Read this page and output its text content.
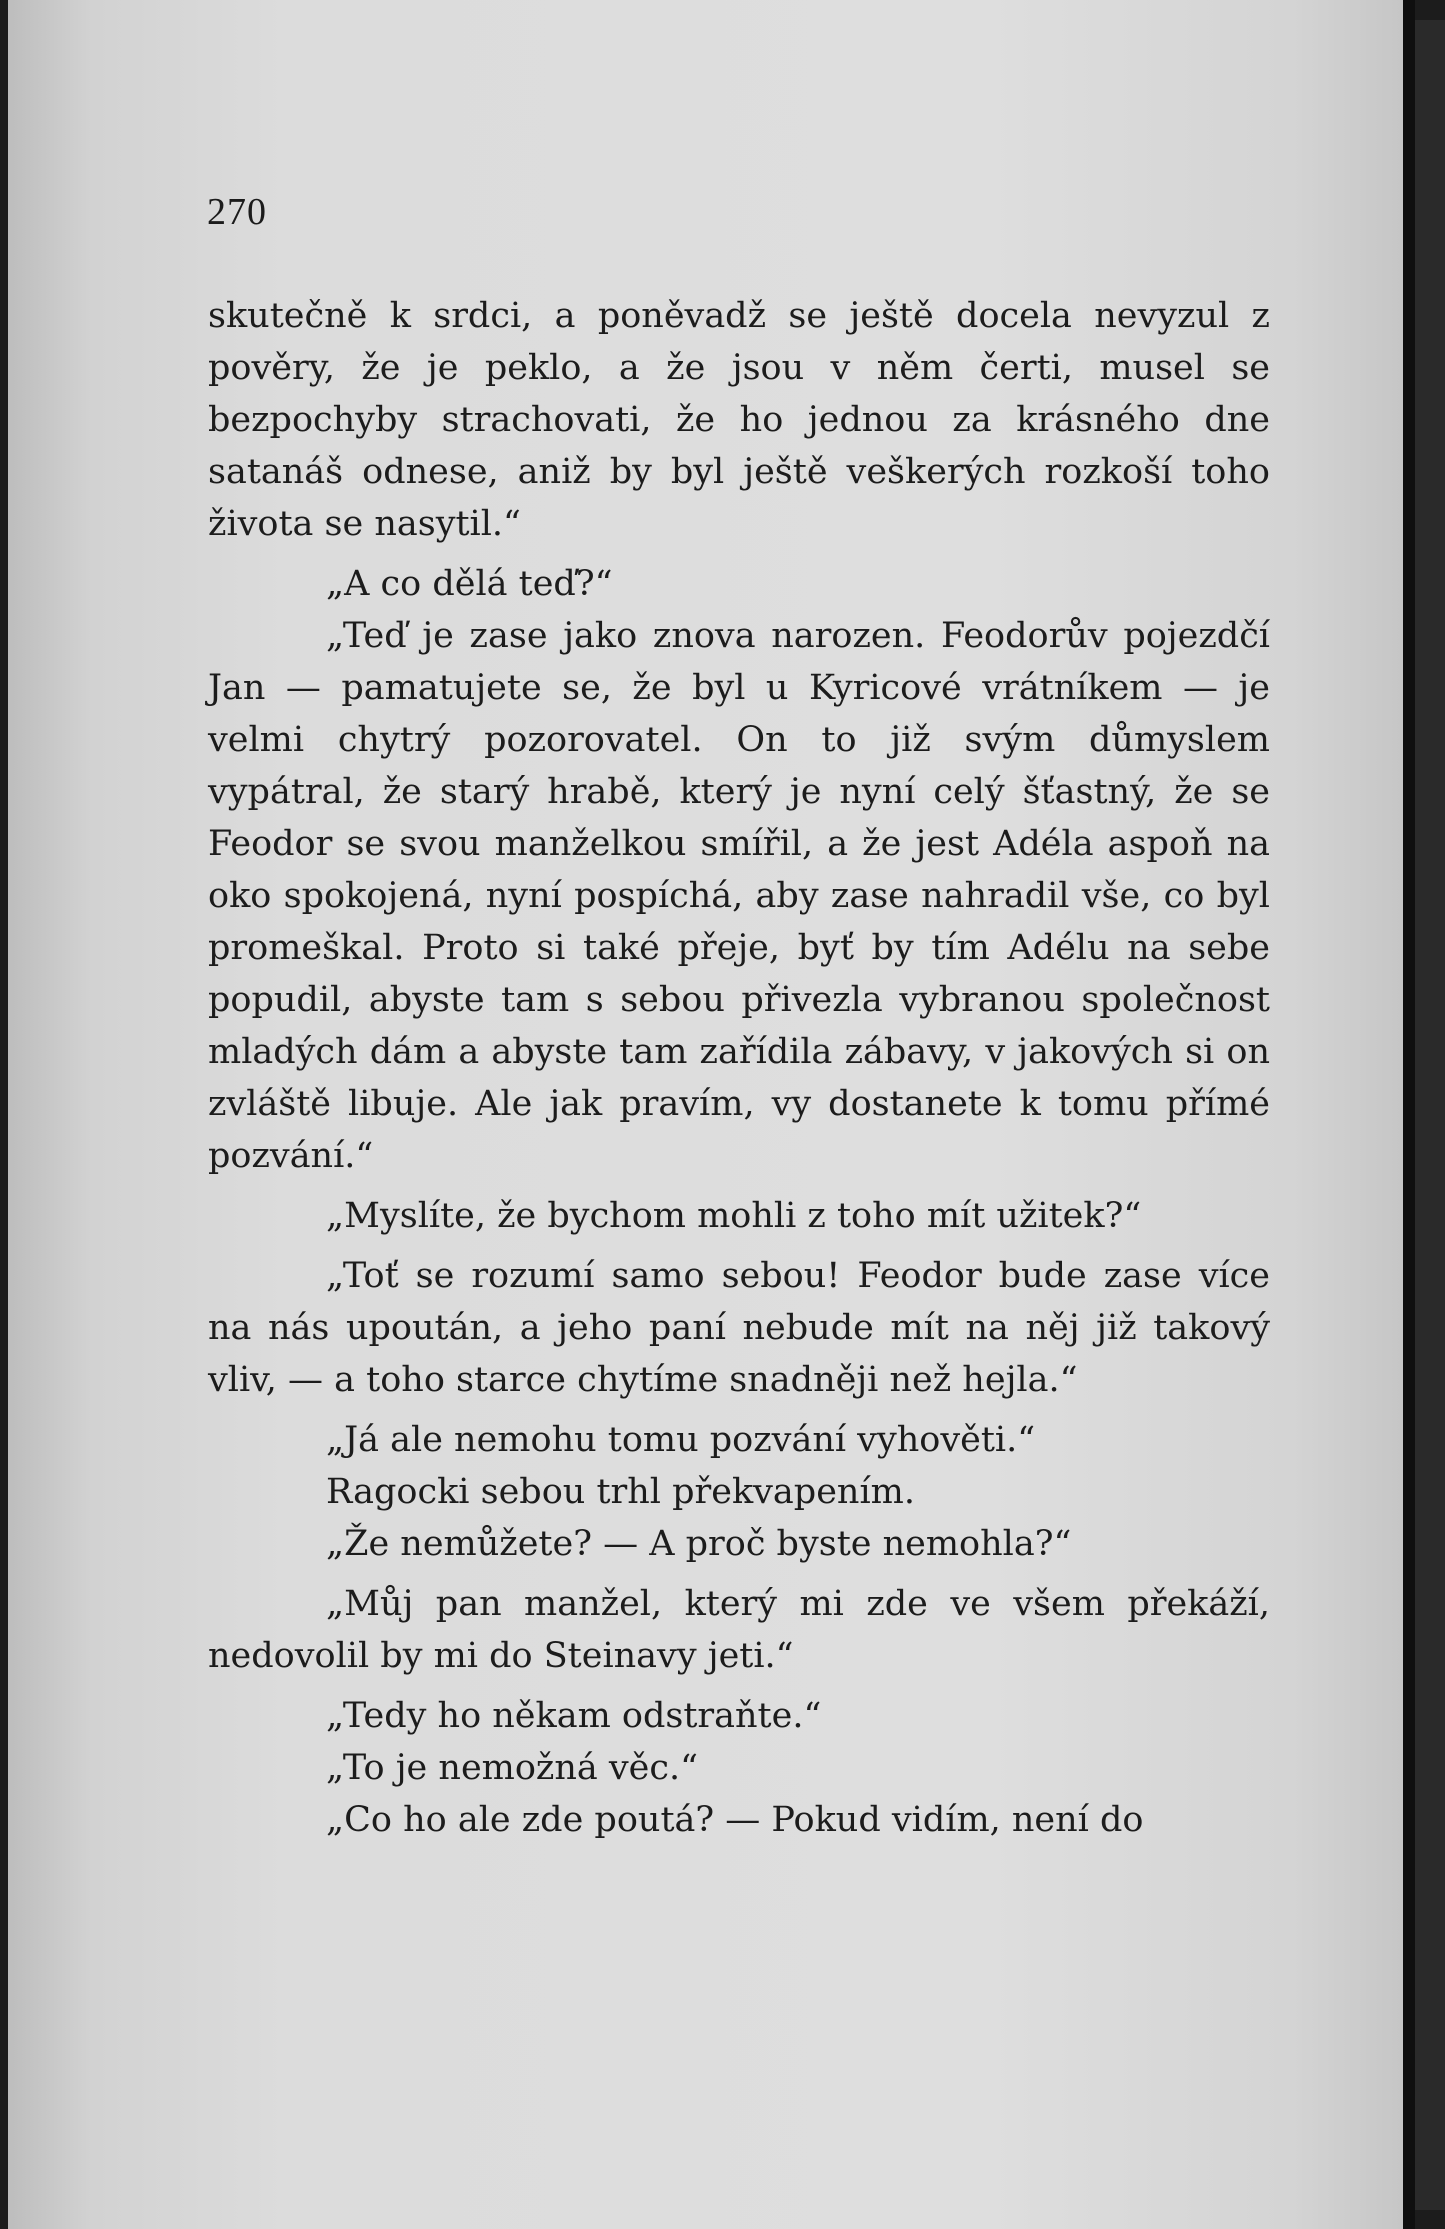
270

skutečně k srdci, a poněvadž se ještě docela nevyzul z pověry, že je peklo, a že jsou v něm čerti, musel se bezpochyby strachovati, že ho jednou za krásného dne satanáš odnese, aniž by byl ještě veškerých rozkoší toho života se nasytil.“

„A co dělá teď?“

„Teď je zase jako znova narozen. Feodorův pojezdčí Jan — pamatujete se, že byl u Kyricové vrátníkem — je velmi chytrý pozorovatel. On to již svým důmyslem vypátral, že starý hrabě, který je nyní celý šťastný, že se Feodor se svou manželkou smířil, a že jest Adéla aspoň na oko spokojená, nyní pospíchá, aby zase nahradil vše, co byl promeškal. Proto si také přeje, byť by tím Adélu na sebe popudil, abyste tam s sebou přivezla vybranou společnost mladých dám a abyste tam zařídila zábavy, v jakových si on zvláště libuje. Ale jak pravím, vy dostanete k tomu přímé pozvání.“

„Myslíte, že bychom mohli z toho mít užitek?“

„Toť se rozumí samo sebou! Feodor bude zase více na nás upoután, a jeho paní nebude mít na něj již takový vliv, — a toho starce chytíme snadněji než hejla.“

„Já ale nemohu tomu pozvání vyhověti.“

Ragocki sebou trhl překvapením.

„Že nemůžete? — A proč byste nemohla?“

„Můj pan manžel, který mi zde ve všem překáží, nedovolil by mi do Steinavy jeti.“

„Tedy ho někam odstraňte.“

„To je nemožná věc.“

„Co ho ale zde poutá? — Pokud vidím, není do
